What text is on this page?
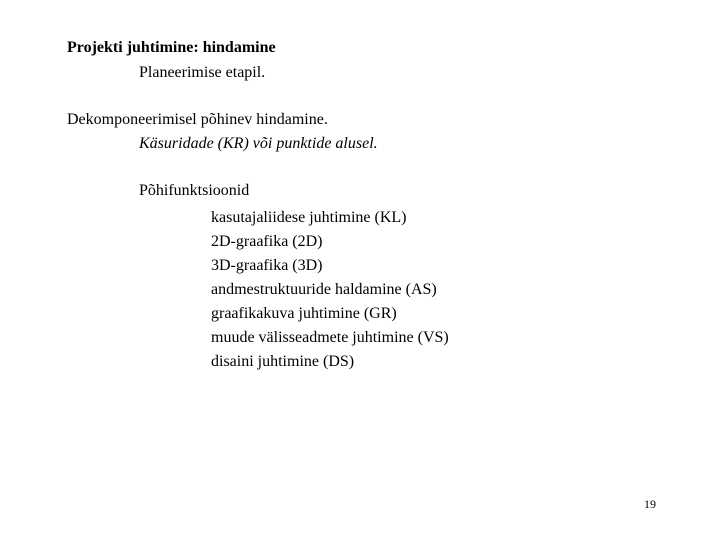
Projekti juhtimine: hindamine
Planeerimise etapil.
Dekomponeerimisel põhinev hindamine.
Käsuridade (KR) või punktide alusel.
Põhifunktsioonid
kasutajaliidese juhtimine (KL)
2D-graafika (2D)
3D-graafika (3D)
andmestruktuuride haldamine (AS)
graafikakuva juhtimine (GR)
muude välisseadmete juhtimine (VS)
disaini juhtimine (DS)
19
